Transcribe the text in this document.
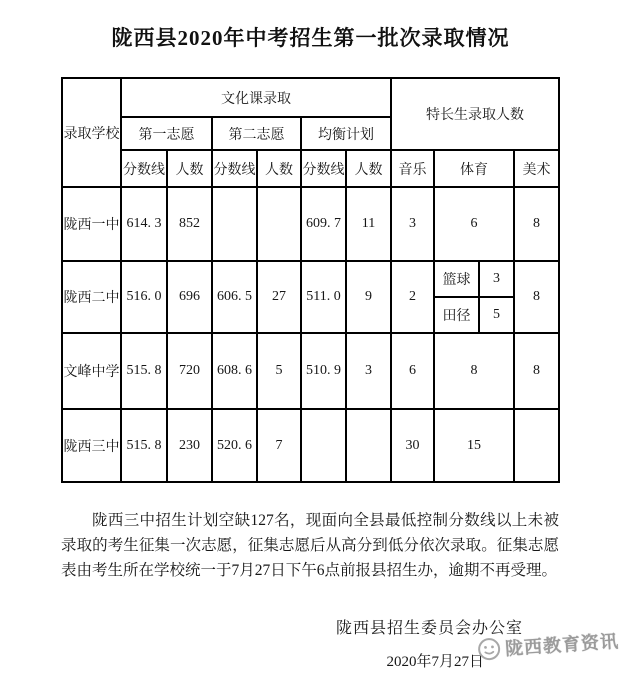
陇西县2020年中考招生第一批次录取情况
录取学校	文化课录取						特长生录取人数			
	第一志愿		第二志愿		均衡计划					
	分数线	人数	分数线	人数	分数线	人数	音乐	体育		美术
陇西一中	614. 3	852			609. 7	11	3	6		8
陇西二中	516. 0	696	606. 5	27	511. 0	9	2	篮球	3	8
								田径	5	
文峰中学	515. 8	720	608. 6	5	510. 9	3	6	8		8
陇西三中	515. 8	230	520. 6	7			30	15		
陇西三中招生计划空缺127名，现面向全县最低控制分数线以上未被录取的考生征集一次志愿，征集志愿后从高分到低分依次录取。征集志愿表由考生所在学校统一于7月27日下午6点前报县招生办，逾期不再受理。
陇西县招生委员会办公室
2020年7月27日
陇西教育资讯
